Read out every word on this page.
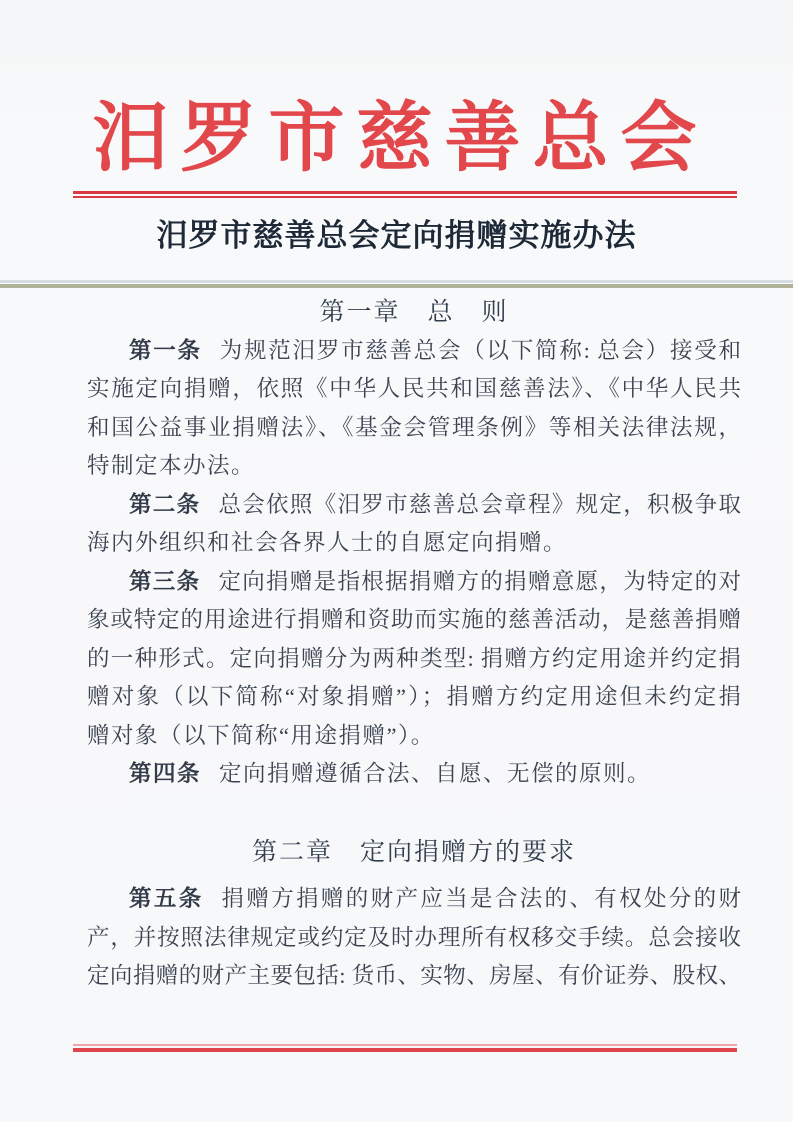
汨罗市慈善总会
汨罗市慈善总会定向捐赠实施办法
第一章　总　则
第一条 为规范汨罗市慈善总会（以下简称: 总会）接受和
实施定向捐赠，依照《中华人民共和国慈善法》、《中华人民共
和国公益事业捐赠法》、《基金会管理条例》等相关法律法规，
特制定本办法。
第二条 总会依照《汨罗市慈善总会章程》规定，积极争取
海内外组织和社会各界人士的自愿定向捐赠。
第三条 定向捐赠是指根据捐赠方的捐赠意愿，为特定的对
象或特定的用途进行捐赠和资助而实施的慈善活动，是慈善捐赠
的一种形式。定向捐赠分为两种类型: 捐赠方约定用途并约定捐
赠对象（以下简称“对象捐赠”）；捐赠方约定用途但未约定捐
赠对象（以下简称“用途捐赠”）。
第四条 定向捐赠遵循合法、自愿、无偿的原则。
第二章　定向捐赠方的要求
第五条 捐赠方捐赠的财产应当是合法的、有权处分的财
产，并按照法律规定或约定及时办理所有权移交手续。总会接收
定向捐赠的财产主要包括: 货币、实物、房屋、有价证券、股权、
